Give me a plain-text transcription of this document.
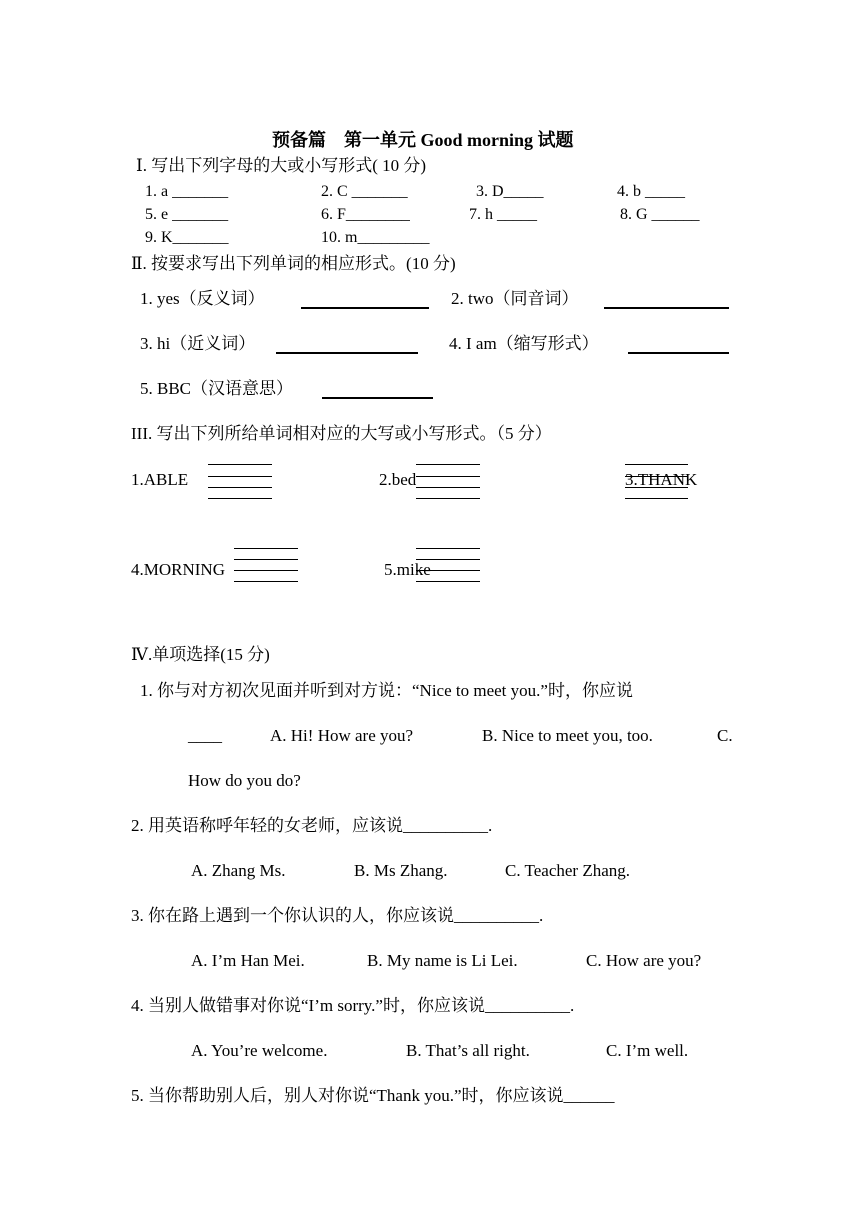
预备篇　第一单元 Good morning 试题
Ⅰ. 写出下列字母的大或小写形式( 10 分)
1. a _______	2. C _______	3. D_____	4. b _____
5. e _______	6. F________	7. h _____	8. G ______
9. K_______	10. m_________
Ⅱ. 按要求写出下列单词的相应形式。(10 分)
1. yes（反义词）	2. two（同音词）
3. hi（近义词）	4. I am（缩写形式）
5. BBC（汉语意思）
III. 写出下列所给单词相对应的大写或小写形式。（5 分）
1.ABLE	2.bed	3.THANK
4.MORNING	5.mike
Ⅳ.单项选择(15 分)
1. 你与对方初次见面并听到对方说：“Nice to meet you.”时，你应说
____	A. Hi! How are you?	B. Nice to meet you, too.	C.
How do you do?
2. 用英语称呼年轻的女老师，应该说__________.
A. Zhang Ms.	B. Ms Zhang.	C. Teacher Zhang.
3. 你在路上遇到一个你认识的人，你应该说__________.
A. I’m Han Mei.	B. My name is Li Lei.	C. How are you?
4. 当别人做错事对你说“I’m sorry.”时，你应该说__________.
A. You’re welcome.	B. That’s all right.	C. I’m well.
5. 当你帮助别人后，别人对你说“Thank you.”时，你应该说______
